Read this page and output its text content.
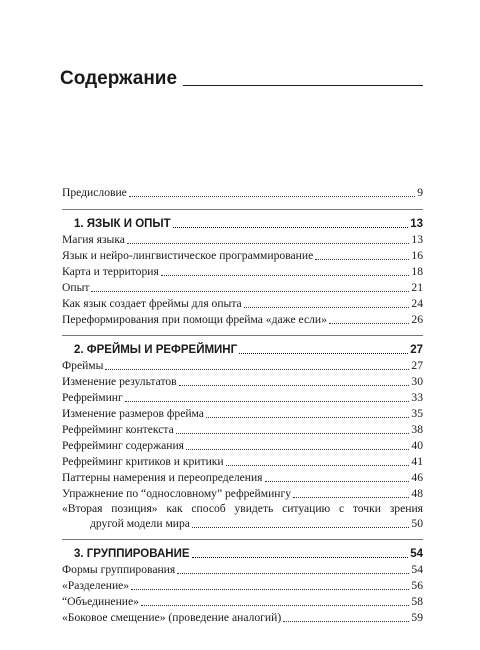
Содержание
Предисловие	9
1. ЯЗЫК И ОПЫТ	13
Магия языка	13
Язык и нейро-лингвистическое программирование	16
Карта и территория	18
Опыт	21
Как язык создает фреймы для опыта	24
Переформирования при помощи фрейма «даже если»	26
2. ФРЕЙМЫ И РЕФРЕЙМИНГ	27
Фреймы	27
Изменение результатов	30
Рефрейминг	33
Изменение размеров фрейма	35
Рефрейминг контекста	38
Рефрейминг содержания	40
Рефрейминг критиков и критики	41
Паттерны намерения и переопределения	46
Упражнение по “однословному” рефреймингу	48
«Вторая позиция» как способ увидеть ситуацию с точки зрения
другой модели мира	50
3. ГРУППИРОВАНИЕ	54
Формы группирования	54
«Разделение»	56
“Объединение»	58
«Боковое смещение» (проведение аналогий)	59
